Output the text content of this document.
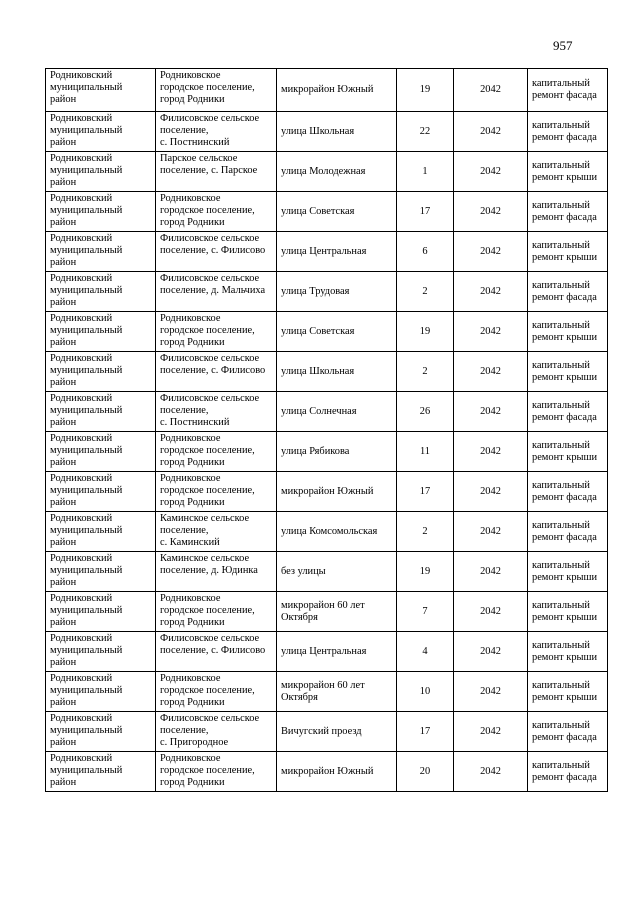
957
Родниковский
муниципальный
район	Родниковское
городское поселение,
город Родники	микрорайон Южный	19	2042	капитальный
ремонт фасада
Родниковский
муниципальный
район	Филисовское сельское
поселение,
с. Постнинский	улица Школьная	22	2042	капитальный
ремонт фасада
Родниковский
муниципальный
район	Парское сельское
поселение, с. Парское	улица Молодежная	1	2042	капитальный
ремонт крыши
Родниковский
муниципальный
район	Родниковское
городское поселение,
город Родники	улица Советская	17	2042	капитальный
ремонт фасада
Родниковский
муниципальный
район	Филисовское сельское
поселение, с. Филисово	улица Центральная	6	2042	капитальный
ремонт крыши
Родниковский
муниципальный
район	Филисовское сельское
поселение, д. Мальчиха	улица Трудовая	2	2042	капитальный
ремонт фасада
Родниковский
муниципальный
район	Родниковское
городское поселение,
город Родники	улица Советская	19	2042	капитальный
ремонт крыши
Родниковский
муниципальный
район	Филисовское сельское
поселение, с. Филисово	улица Школьная	2	2042	капитальный
ремонт крыши
Родниковский
муниципальный
район	Филисовское сельское
поселение,
с. Постнинский	улица Солнечная	26	2042	капитальный
ремонт фасада
Родниковский
муниципальный
район	Родниковское
городское поселение,
город Родники	улица Рябикова	11	2042	капитальный
ремонт крыши
Родниковский
муниципальный
район	Родниковское
городское поселение,
город Родники	микрорайон Южный	17	2042	капитальный
ремонт фасада
Родниковский
муниципальный
район	Каминское сельское
поселение,
с. Каминский	улица Комсомольская	2	2042	капитальный
ремонт фасада
Родниковский
муниципальный
район	Каминское сельское
поселение, д. Юдинка	без улицы	19	2042	капитальный
ремонт крыши
Родниковский
муниципальный
район	Родниковское
городское поселение,
город Родники	микрорайон 60 лет
Октября	7	2042	капитальный
ремонт крыши
Родниковский
муниципальный
район	Филисовское сельское
поселение, с. Филисово	улица Центральная	4	2042	капитальный
ремонт крыши
Родниковский
муниципальный
район	Родниковское
городское поселение,
город Родники	микрорайон 60 лет
Октября	10	2042	капитальный
ремонт крыши
Родниковский
муниципальный
район	Филисовское сельское
поселение,
с. Пригородное	Вичугский проезд	17	2042	капитальный
ремонт фасада
Родниковский
муниципальный
район	Родниковское
городское поселение,
город Родники	микрорайон Южный	20	2042	капитальный
ремонт фасада
